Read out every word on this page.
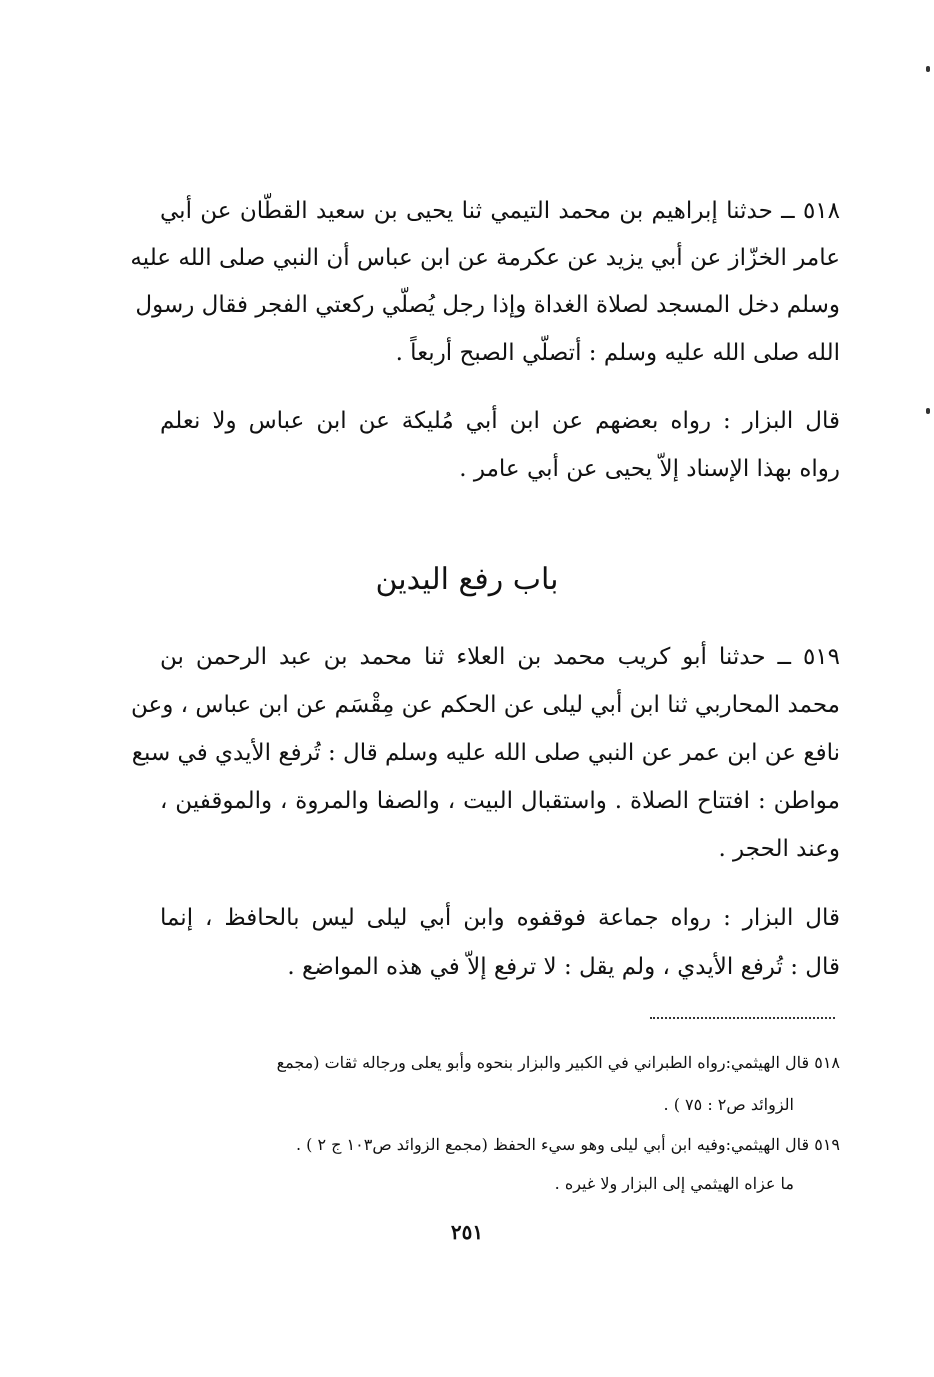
٥١٨ ــ حدثنا إبراهيم بن محمد التيمي ثنا يحيى بن سعيد القطّان عن أبي
عامر الخزّاز عن أبي يزيد عن عكرمة عن ابن عباس أن النبي صلى الله عليه
وسلم دخل المسجد لصلاة الغداة وإذا رجل يُصلّي ركعتي الفجر فقال رسول
الله صلى الله عليه وسلم : أتصلّي الصبح أربعاً .
قال البزار : رواه بعضهم عن ابن أبي مُليكة عن ابن عباس ولا نعلم
رواه بهذا الإسناد إلاّ يحيى عن أبي عامر .
باب رفع اليدين
٥١٩ ــ حدثنا أبو كريب محمد بن العلاء ثنا محمد بن عبد الرحمن بن
محمد المحاربي ثنا ابن أبي ليلى عن الحكم عن مِقْسَم عن ابن عباس ، وعن
نافع عن ابن عمر عن النبي صلى الله عليه وسلم قال : تُرفع الأيدي في سبع
مواطن : افتتاح الصلاة . واستقبال البيت ، والصفا والمروة ، والموقفين ،
وعند الحجر .
قال البزار : رواه جماعة فوقفوه وابن أبي ليلى ليس بالحافظ ، إنما
قال : تُرفع الأيدي ، ولم يقل : لا ترفع إلاّ في هذه المواضع .
٥١٨ قال الهيثمي:رواه الطبراني في الكبير والبزار بنحوه وأبو يعلى ورجاله ثقات (مجمع
الزوائد ص٢ : ٧٥ ) .
٥١٩ قال الهيثمي:وفيه ابن أبي ليلى وهو سيء الحفظ (مجمع الزوائد ص١٠٣ ج ٢ ) .
ما عزاه الهيثمي إلى البزار ولا غيره .
٢٥١
